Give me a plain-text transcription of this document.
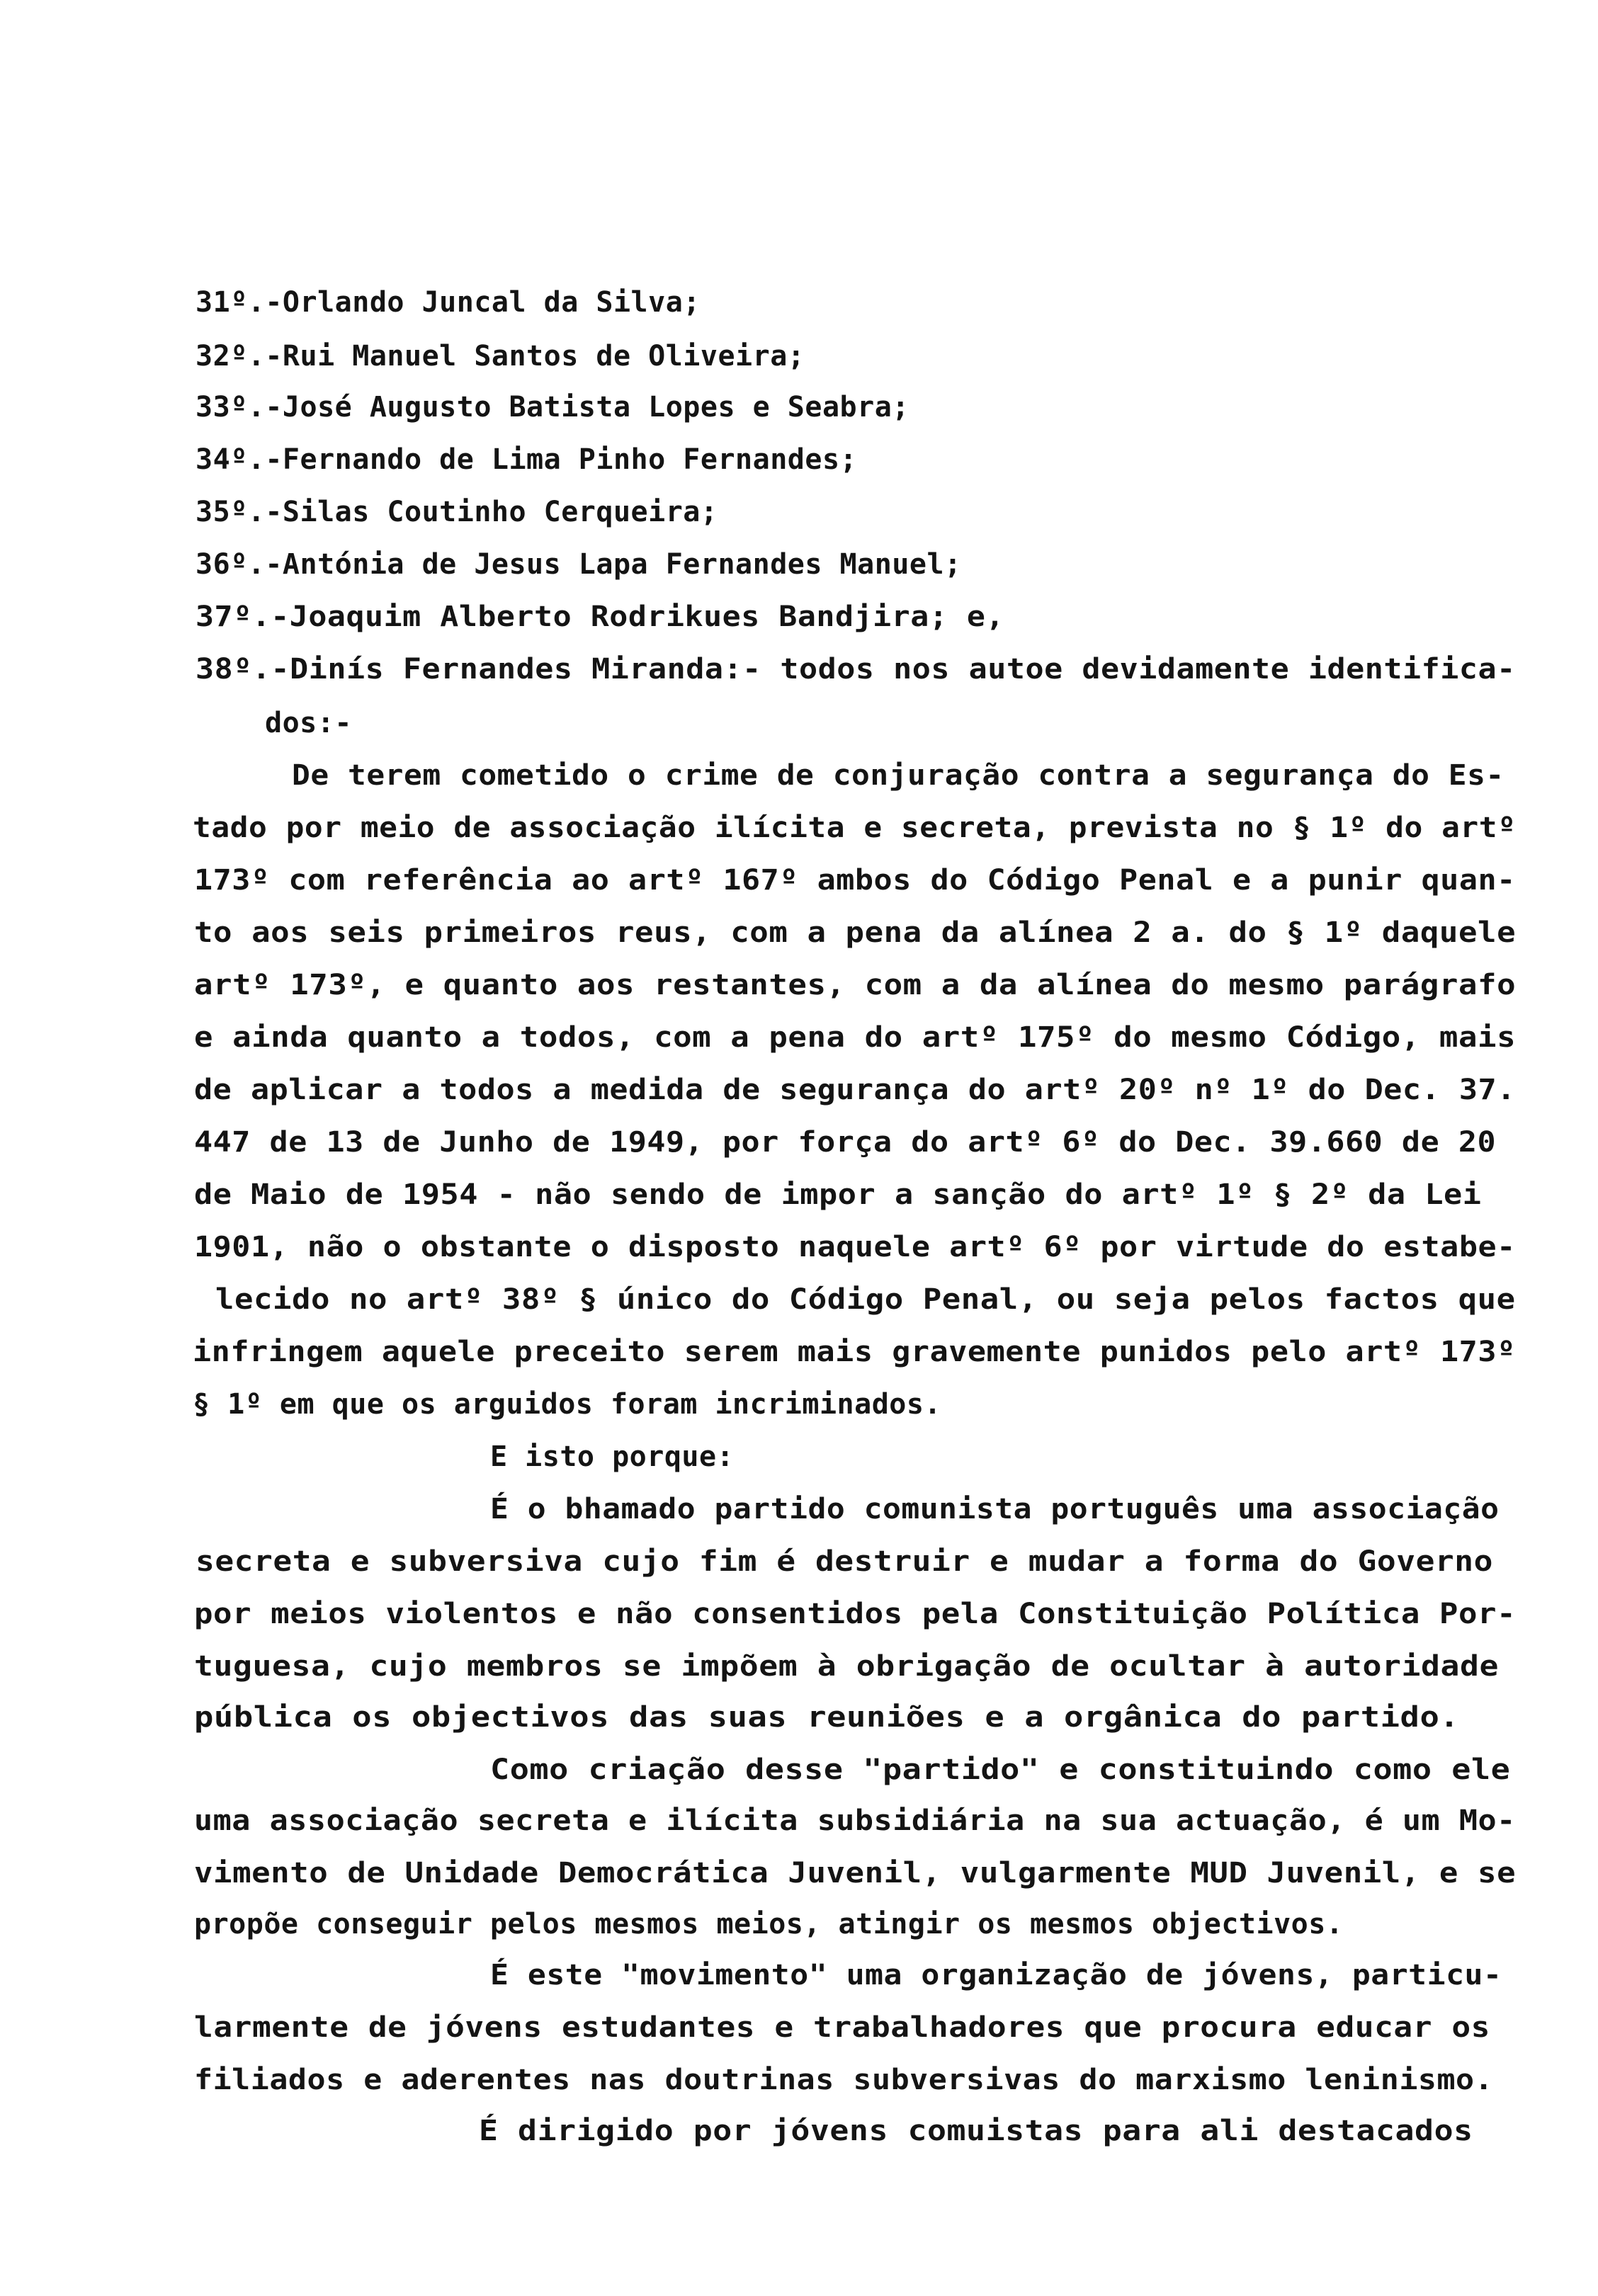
31º.-Orlando Juncal da Silva;
32º.-Rui Manuel Santos de Oliveira;
33º.-José Augusto Batista Lopes e Seabra;
34º.-Fernando de Lima Pinho Fernandes;
35º.-Silas Coutinho Cerqueira;
36º.-Antónia de Jesus Lapa Fernandes Manuel;
37º.-Joaquim Alberto Rodrikues Bandjira; e,
38º.-Dinís Fernandes Miranda:- todos nos autoe devidamente identifica-
dos:-
De terem cometido o crime de conjuração contra a segurança do Es-
tado por meio de associação ilícita e secreta, prevista no § 1º do artº
173º com referência ao artº 167º ambos do Código Penal e a punir quan-
to aos seis primeiros reus, com a pena da alínea 2 a. do § 1º daquele
artº 173º, e quanto aos restantes, com a da alínea do mesmo parágrafo
e ainda quanto a todos, com a pena do artº 175º do mesmo Código, mais
de aplicar a todos a medida de segurança do artº 20º nº 1º do Dec. 37.
447 de 13 de Junho de 1949, por força do artº 6º do Dec. 39.660 de 20
de Maio de 1954 - não sendo de impor a sanção do artº 1º § 2º da Lei
1901, não o obstante o disposto naquele artº 6º por virtude do estabe-
lecido no artº 38º § único do Código Penal, ou seja pelos factos que
infringem aquele preceito serem mais gravemente punidos pelo artº 173º
§ 1º em que os arguidos foram incriminados.
E isto porque:
É o bhamado partido comunista português uma associação
secreta e subversiva cujo fim é destruir e mudar a forma do Governo
por meios violentos e não consentidos pela Constituição Política Por-
tuguesa, cujo membros se impõem à obrigação de ocultar à autoridade
pública os objectivos das suas reuniões e a orgânica do partido.
Como criação desse "partido" e constituindo como ele
uma associação secreta e ilícita subsidiária na sua actuação, é um Mo-
vimento de Unidade Democrática Juvenil, vulgarmente MUD Juvenil, e se
propõe conseguir pelos mesmos meios, atingir os mesmos objectivos.
É este "movimento" uma organização de jóvens, particu-
larmente de jóvens estudantes e trabalhadores que procura educar os
filiados e aderentes nas doutrinas subversivas do marxismo leninismo.
É dirigido por jóvens comuistas para ali destacados
